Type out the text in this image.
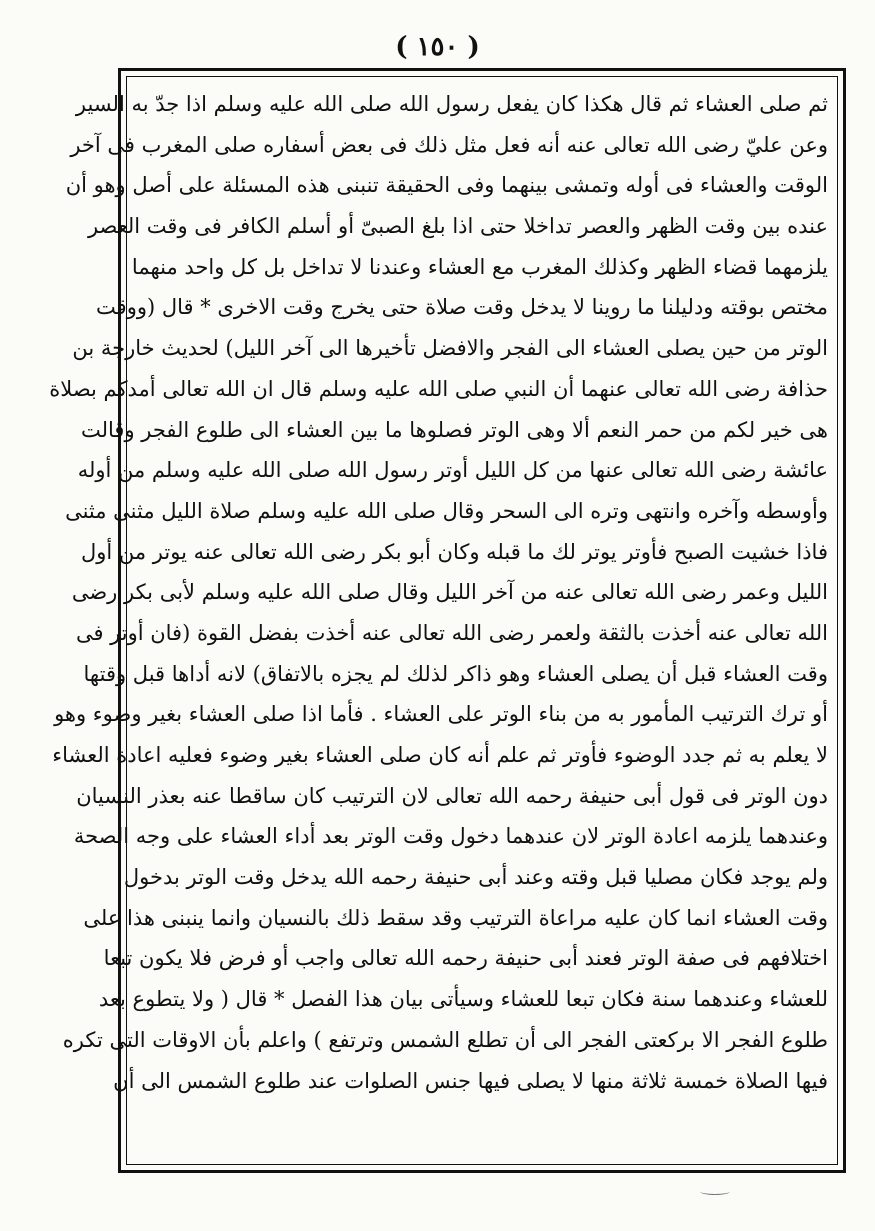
( ١٥٠ )
ثم صلى العشاء ثم قال هكذا كان يفعل رسول الله صلى الله عليه وسلم اذا جدّ به السير
وعن عليّ رضى الله تعالى عنه أنه فعل مثل ذلك فى بعض أسفاره صلى المغرب فى آخر
الوقت والعشاء فى أوله وتمشى بينهما وفى الحقيقة تنبنى هذه المسئلة على أصل وهو أن
عنده بين وقت الظهر والعصر تداخلا حتى اذا بلغ الصبىّ أو أسلم الكافر فى وقت العصر
يلزمهما قضاء الظهر وكذلك المغرب مع العشاء وعندنا لا تداخل بل كل واحد منهما
مختص بوقته ودليلنا ما روينا لا يدخل وقت صلاة حتى يخرج وقت الاخرى * قال (ووقت
الوتر من حين يصلى العشاء الى الفجر والافضل تأخيرها الى آخر الليل) لحديث خارجة بن
حذافة رضى الله تعالى عنهما أن النبي صلى الله عليه وسلم قال ان الله تعالى أمدكم بصلاة
هى خير لكم من حمر النعم ألا وهى الوتر فصلوها ما بين العشاء الى طلوع الفجر وقالت
عائشة رضى الله تعالى عنها من كل الليل أوتر رسول الله صلى الله عليه وسلم من أوله
وأوسطه وآخره وانتهى وتره الى السحر وقال صلى الله عليه وسلم صلاة الليل مثنى مثنى
فاذا خشيت الصبح فأوتر يوتر لك ما قبله وكان أبو بكر رضى الله تعالى عنه يوتر من أول
الليل وعمر رضى الله تعالى عنه من آخر الليل وقال صلى الله عليه وسلم لأبى بكر رضى
الله تعالى عنه أخذت بالثقة ولعمر رضى الله تعالى عنه أخذت بفضل القوة (فان أوتر فى
وقت العشاء قبل أن يصلى العشاء وهو ذاكر لذلك لم يجزه بالاتفاق) لانه أداها قبل وقتها
أو ترك الترتيب المأمور به من بناء الوتر على العشاء . فأما اذا صلى العشاء بغير وضوء وهو
لا يعلم به ثم جدد الوضوء فأوتر ثم علم أنه كان صلى العشاء بغير وضوء فعليه اعادة العشاء
دون الوتر فى قول أبى حنيفة رحمه الله تعالى لان الترتيب كان ساقطا عنه بعذر النسيان
وعندهما يلزمه اعادة الوتر لان عندهما دخول وقت الوتر بعد أداء العشاء على وجه الصحة
ولم يوجد فكان مصليا قبل وقته وعند أبى حنيفة رحمه الله يدخل وقت الوتر بدخول
وقت العشاء انما كان عليه مراعاة الترتيب وقد سقط ذلك بالنسيان وانما ينبنى هذا على
اختلافهم فى صفة الوتر فعند أبى حنيفة رحمه الله تعالى واجب أو فرض فلا يكون تبعا
للعشاء وعندهما سنة فكان تبعا للعشاء وسيأتى بيان هذا الفصل * قال ( ولا يتطوع بعد
طلوع الفجر الا بركعتى الفجر الى أن تطلع الشمس وترتفع ) واعلم بأن الاوقات التى تكره
فيها الصلاة خمسة ثلاثة منها لا يصلى فيها جنس الصلوات عند طلوع الشمس الى أن
